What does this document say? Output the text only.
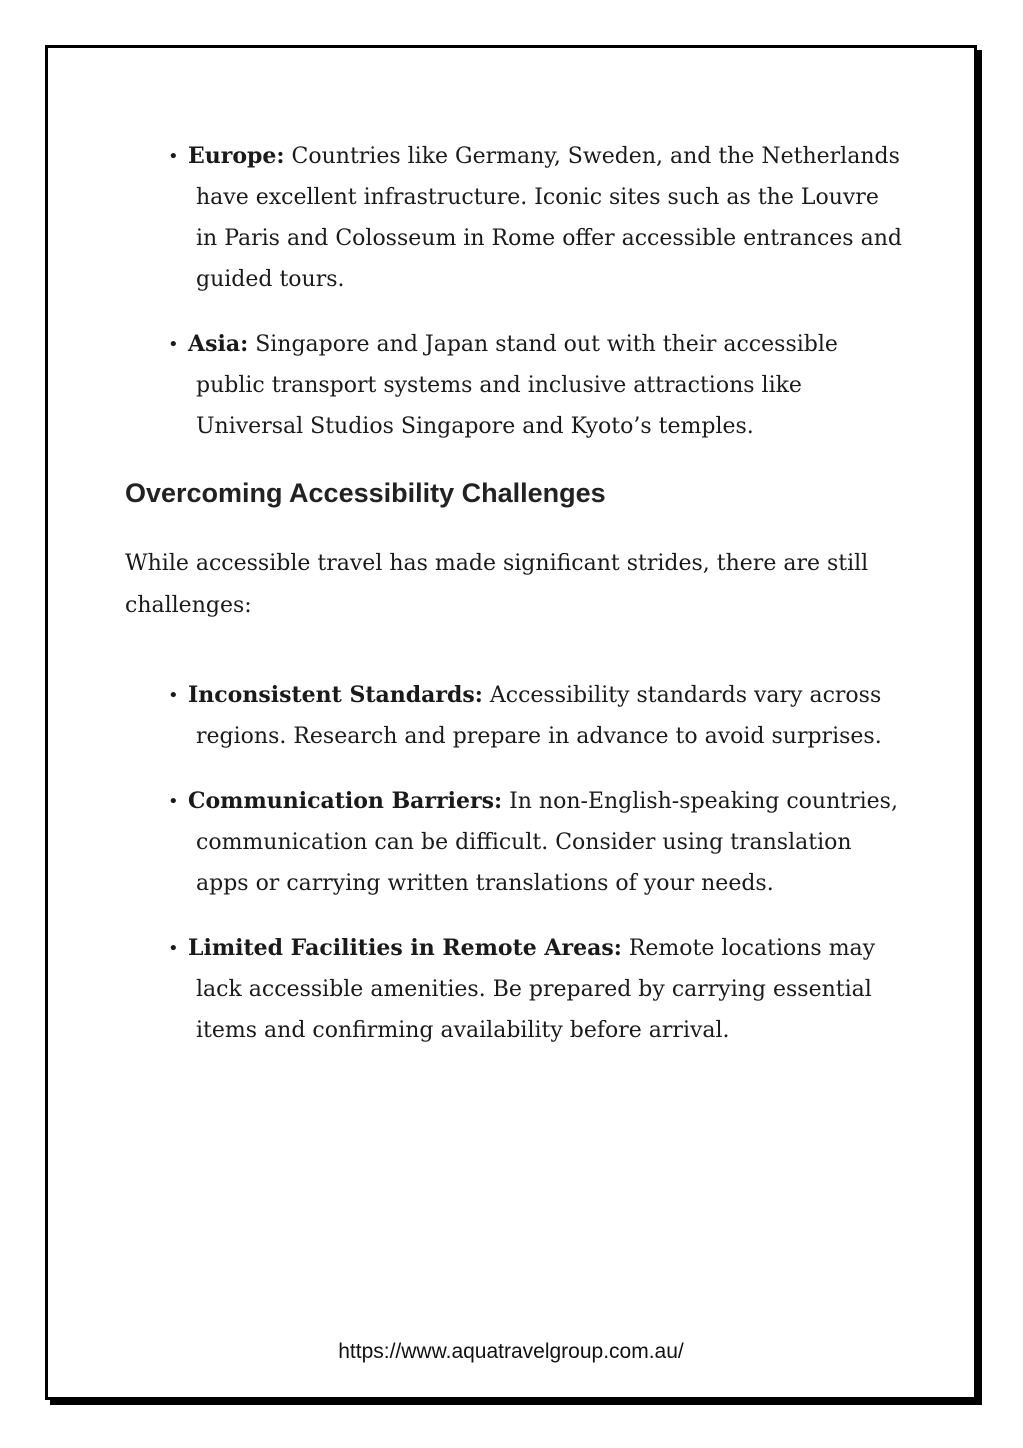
• Europe: Countries like Germany, Sweden, and the Netherlands have excellent infrastructure. Iconic sites such as the Louvre in Paris and Colosseum in Rome offer accessible entrances and guided tours.
• Asia: Singapore and Japan stand out with their accessible public transport systems and inclusive attractions like Universal Studios Singapore and Kyoto’s temples.
Overcoming Accessibility Challenges

While accessible travel has made significant strides, there are still challenges:

• Inconsistent Standards: Accessibility standards vary across regions. Research and prepare in advance to avoid surprises.
• Communication Barriers: In non-English-speaking countries, communication can be difficult. Consider using translation apps or carrying written translations of your needs.
• Limited Facilities in Remote Areas: Remote locations may lack accessible amenities. Be prepared by carrying essential items and confirming availability before arrival.
https://www.aquatravelgroup.com.au/
